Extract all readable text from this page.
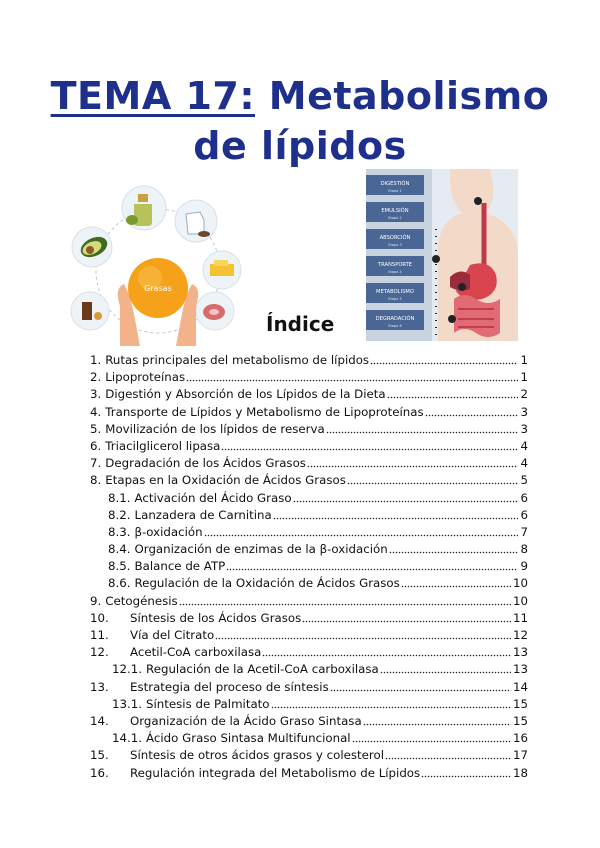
TEMA 17: Metabolismo
de lípidos
Grasas
DIGESTIÓN
Etapa 1
EMULSIÓN
Etapa 2
ABSORCIÓN
Etapa 3
TRANSPORTE
Etapa 4
METABOLISMO
Etapa 5
DEGRADACIÓN
Etapa 6
Índice
1. Rutas principales del metabolismo de lípidos	1
2. Lipoproteínas	1
3. Digestión y Absorción de los Lípidos de la Dieta	2
4. Transporte de Lípidos y Metabolismo de Lipoproteínas	3
5. Movilización de los lípidos de reserva	3
6. Triacilglicerol lipasa	4
7. Degradación de los Ácidos Grasos	4
8. Etapas en la Oxidación de Ácidos Grasos	5
8.1. Activación del Ácido Graso	6
8.2. Lanzadera de Carnitina	6
8.3. β-oxidación	7
8.4. Organización de enzimas de la β-oxidación	8
8.5. Balance de ATP	9
8.6. Regulación de la Oxidación de Ácidos Grasos	10
9. Cetogénesis	10
10.	Síntesis de los Ácidos Grasos	11
11.	Vía del Citrato	12
12.	Acetil-CoA carboxilasa	13
12.1. Regulación de la Acetil-CoA carboxilasa	13
13.	Estrategia del proceso de síntesis	14
13.1. Síntesis de Palmitato	15
14.	Organización de la Ácido Graso Sintasa	15
14.1. Ácido Graso Sintasa Multifuncional	16
15.	Síntesis de otros ácidos grasos y colesterol	17
16.	Regulación integrada del Metabolismo de Lípidos	18
